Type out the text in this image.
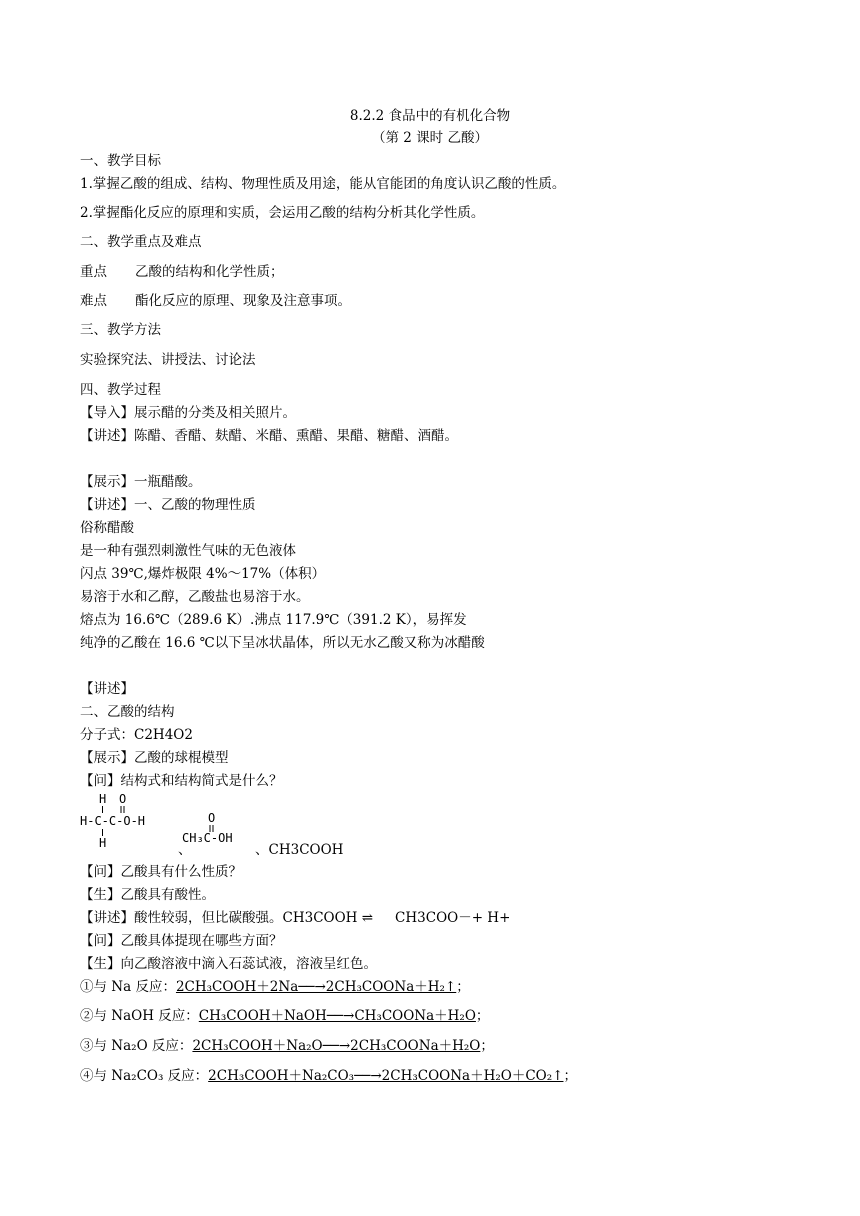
8.2.2 食品中的有机化合物
（第 2 课时 乙酸）
一、教学目标
1.掌握乙酸的组成、结构、物理性质及用途，能从官能团的角度认识乙酸的性质。
2.掌握酯化反应的原理和实质，会运用乙酸的结构分析其化学性质。
二、教学重点及难点
重点 乙酸的结构和化学性质；
难点 酯化反应的原理、现象及注意事项。
三、教学方法
实验探究法、讲授法、讨论法
四、教学过程
【导入】展示醋的分类及相关照片。
【讲述】陈醋、香醋、麸醋、米醋、熏醋、果醋、糖醋、酒醋。
【展示】一瓶醋酸。
【讲述】一、乙酸的物理性质
俗称醋酸
是一种有强烈刺激性气味的无色液体
闪点 39℃,爆炸极限 4%～17%（体积）
易溶于水和乙醇，乙酸盐也易溶于水。
熔点为 16.6℃（289.6 K）.沸点 117.9℃（391.2 K），易挥发
纯净的乙酸在 16.6 ℃以下呈冰状晶体，所以无水乙酸又称为冰醋酸
【讲述】
二、乙酸的结构
分子式：C2H4O2
【展示】乙酸的球棍模型
【问】结构式和结构简式是什么？
H O
H-C-C-O-H
H
O
CH₃C-OH
、	、CH3COOH
【问】乙酸具有什么性质？
【生】乙酸具有酸性。
【讲述】酸性较弱，但比碳酸强。CH3COOH ⇌ CH3COO－+ H+
【问】乙酸具体提现在哪些方面？
【生】向乙酸溶液中滴入石蕊试液，溶液呈红色。
①与 Na 反应：2CH₃COOH＋2Na──→2CH₃COONa＋H₂↑；
②与 NaOH 反应：CH₃COOH＋NaOH──→CH₃COONa＋H₂O；
③与 Na₂O 反应：2CH₃COOH＋Na₂O──→2CH₃COONa＋H₂O；
④与 Na₂CO₃ 反应：2CH₃COOH＋Na₂CO₃──→2CH₃COONa＋H₂O＋CO₂↑；
